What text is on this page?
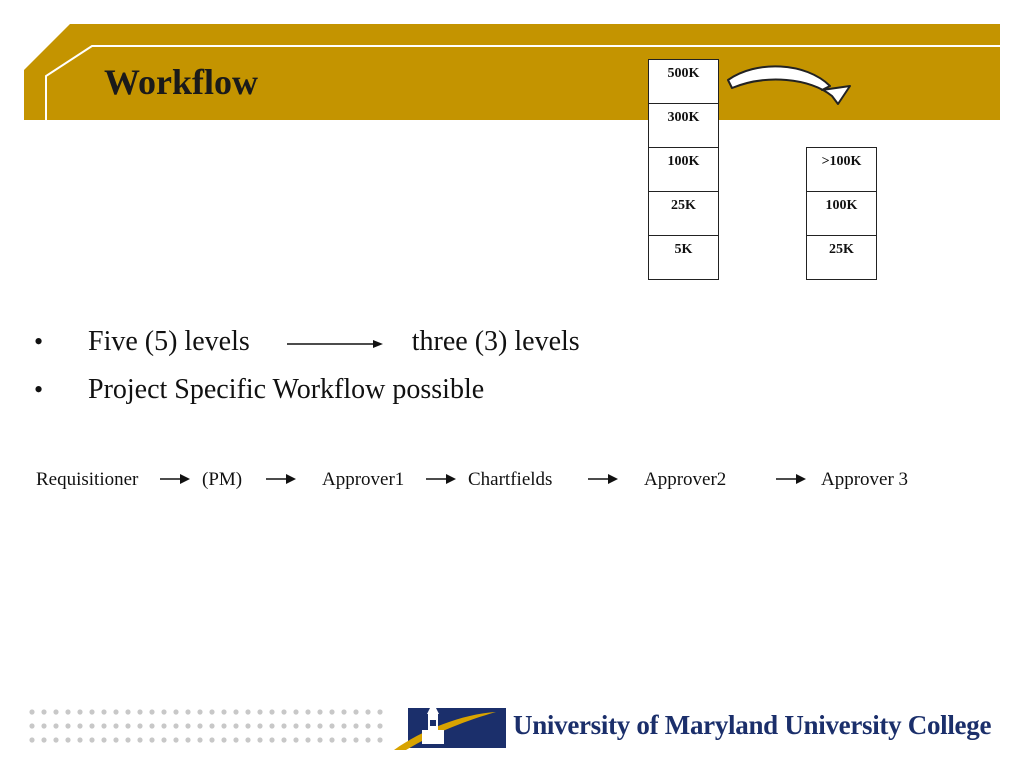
Workflow	500K
300K
100K
25K
5K
>100K
100K
25K
• Five (5) levels	three (3) levels
• Project Specific Workflow possible
Requisitioner	(PM)	Approver1	Chartfields	Approver2	Approver 3
University of Maryland University College
